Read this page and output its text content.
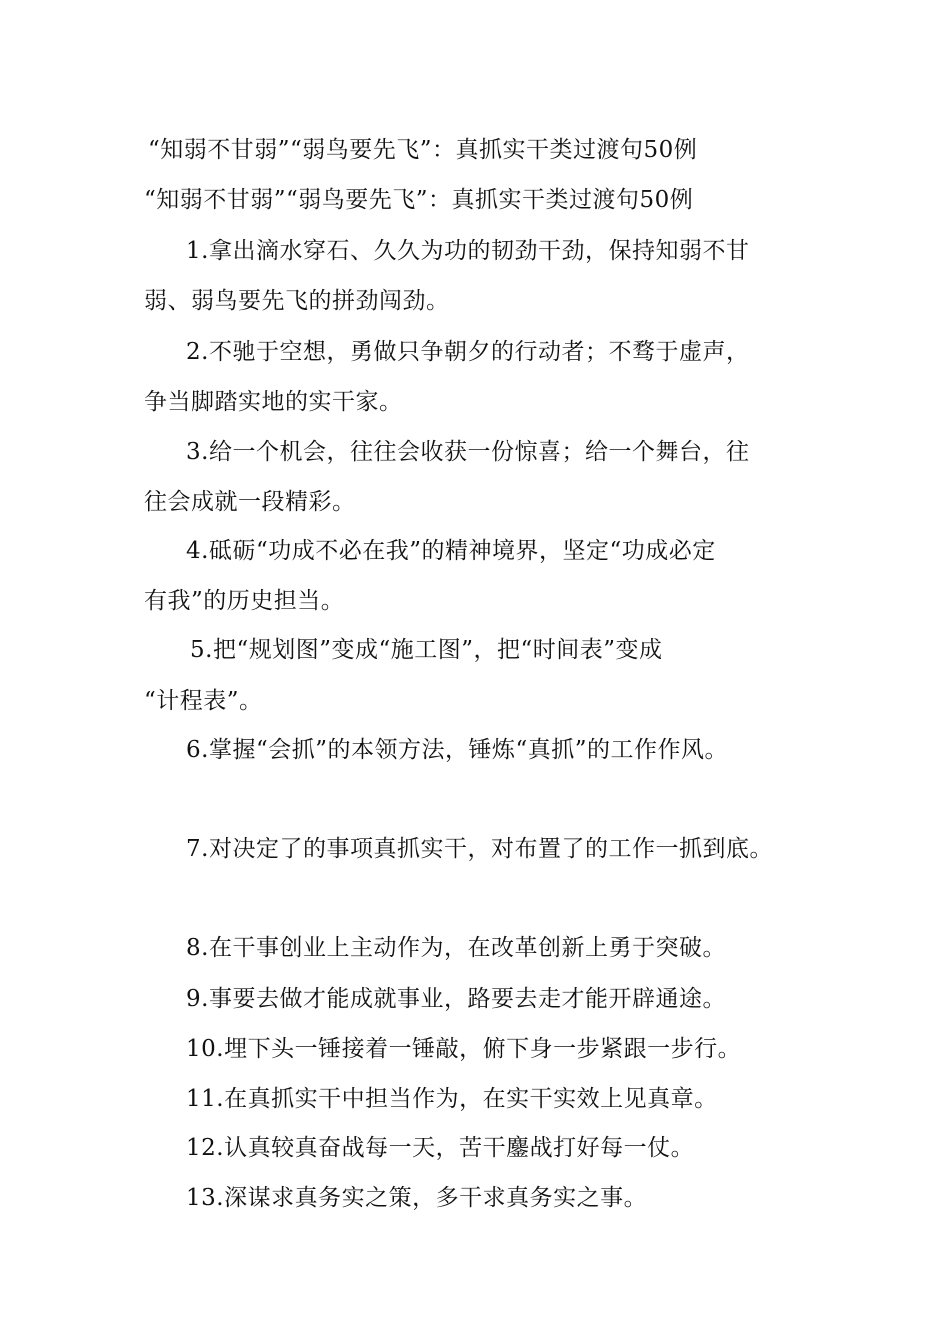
“知弱不甘弱”“弱鸟要先飞”：真抓实干类过渡句50例
“知弱不甘弱”“弱鸟要先飞”：真抓实干类过渡句50例
1.拿出滴水穿石、久久为功的韧劲干劲，保持知弱不甘
弱、弱鸟要先飞的拼劲闯劲。
2.不驰于空想，勇做只争朝夕的行动者；不骛于虚声，
争当脚踏实地的实干家。
3.给一个机会，往往会收获一份惊喜；给一个舞台，往
往会成就一段精彩。
4.砥砺“功成不必在我”的精神境界，坚定“功成必定
有我”的历史担当。
5.把“规划图”变成“施工图”，把“时间表”变成
“计程表”。
6.掌握“会抓”的本领方法，锤炼“真抓”的工作作风。
7.对决定了的事项真抓实干，对布置了的工作一抓到底。
8.在干事创业上主动作为，在改革创新上勇于突破。
9.事要去做才能成就事业，路要去走才能开辟通途。
10.埋下头一锤接着一锤敲，俯下身一步紧跟一步行。
11.在真抓实干中担当作为，在实干实效上见真章。
12.认真较真奋战每一天，苦干鏖战打好每一仗。
13.深谋求真务实之策，多干求真务实之事。
